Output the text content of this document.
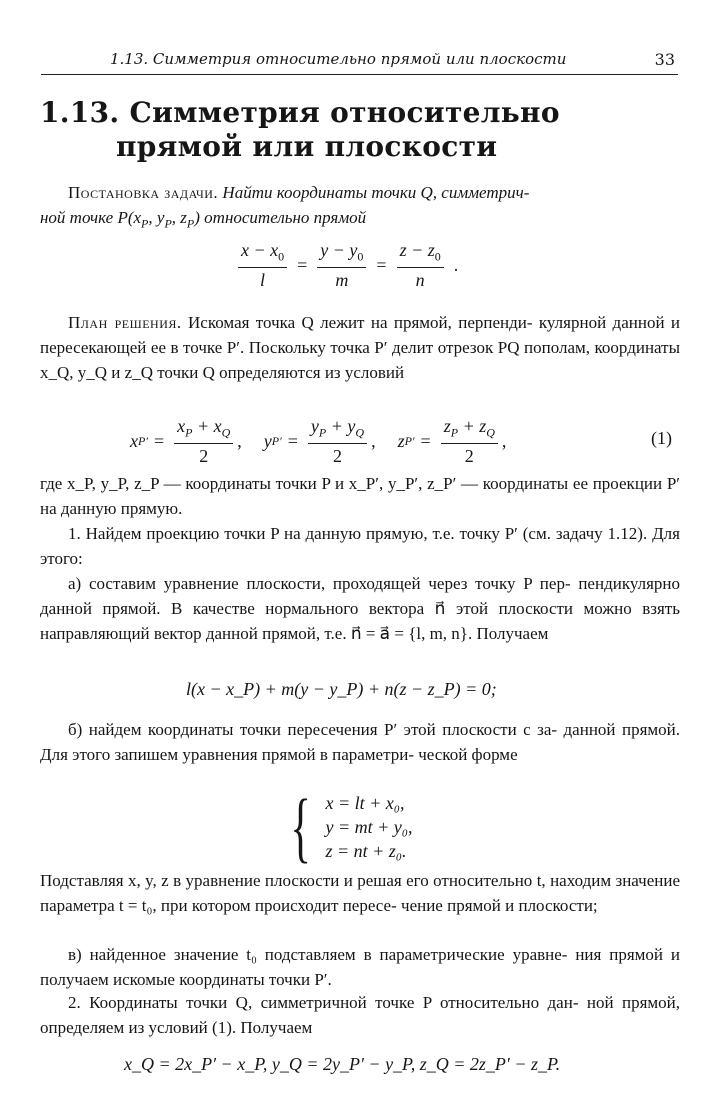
1.13. Симметрия относительно прямой или плоскости	33
1.13. Симметрия относительно
прямой или плоскости
Постановка задачи. Найти координаты точки Q, симметрич-
ной точке $P(x_P$, $y_P$, $z_P$) относительно прямой
$\frac{x - x_0}{l} = \frac{y - y_0}{m} = \frac{z - z_0}{n}$ .
План решения. Искомая точка Q лежит на прямой, перпенди- кулярной данной и пересекающей ее в точке P′. Поскольку точка P′ делит отрезок PQ пополам, координаты x_Q, y_Q и z_Q точки Q определяются из условий
x $P' = \frac{x_P + x_Q}{2}$ , y $P' = \frac{y_P + y_Q}{2}$ , z $P' = \frac{z_P + z_Q}{2}$ ,	(1)
где x_P, y_P, z_P — координаты точки P и x_P′, y_P′, z_P′ — координаты ее проекции P′ на данную прямую.
1. Найдем проекцию точки P на данную прямую, т.е. точку P′ (см. задачу 1.12). Для этого:
а) составим уравнение плоскости, проходящей через точку P пер- пендикулярно данной прямой. В качестве нормального вектора n⃗ этой плоскости можно взять направляющий вектор данной прямой, т.е. n⃗ = a⃗ = {l, m, n}. Получаем
l(x − x_P) + m(y − y_P) + n(z − z_P) = 0;
б) найдем координаты точки пересечения P′ этой плоскости с за- данной прямой. Для этого запишем уравнения прямой в параметри- ческой форме
{ x = lt + x₀,
y = mt + y₀,
z = nt + z₀.
Подставляя x, y, z в уравнение плоскости и решая его относительно t, находим значение параметра t = t₀, при котором происходит пересе- чение прямой и плоскости;
в) найденное значение t₀ подставляем в параметрические уравне- ния прямой и получаем искомые координаты точки P′.
2. Координаты точки Q, симметричной точке P относительно дан- ной прямой, определяем из условий (1). Получаем
x_Q = 2x_P′ − x_P, y_Q = 2y_P′ − y_P, z_Q = 2z_P′ − z_P.
